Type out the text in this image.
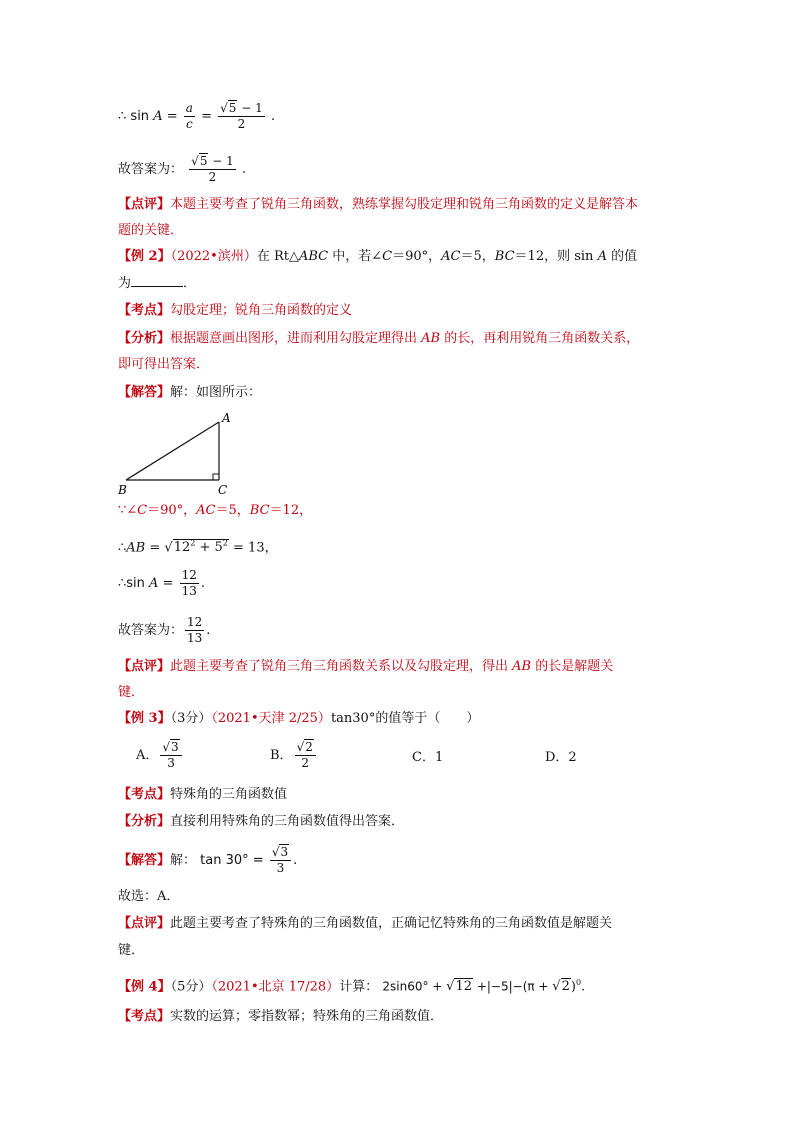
∴ $\sin A = \frac{a}{c} = \frac{√5 - 1}{2}$ .
故答案为： $\frac{√5 - 1}{2}$ .
【点评】本题主要考查了锐角三角函数，熟练掌握勾股定理和锐角三角函数的定义是解答本
题的关键．
【例 2】（2022•滨州）在 Rt△ABC 中，若∠C＝90°，AC＝5，BC＝12，则 sin A 的值
为	．
【考点】勾股定理；锐角三角函数的定义
【分析】根据题意画出图形，进而利用勾股定理得出 AB 的长，再利用锐角三角函数关系，
即可得出答案．
【解答】解：如图所示：
A
B	C
∵∠C＝90°，AC＝5，BC＝12，
∴AB = $√12^2 + 5^2 = 13$，
∴sin $A = \frac{12}{13}$ .
故答案为： $\frac{12}{13}$ .
【点评】此题主要考查了锐角三角三角函数关系以及勾股定理，得出 AB 的长是解题关
键．
【例 3】（3分）（2021•天津 2/25）tan30°的值等于（　　）
A． $\frac{√3}{3}$	B． $\frac{√2}{2}$	C．1	D．2
【考点】特殊角的三角函数值
【分析】直接利用特殊角的三角函数值得出答案．
【解答】解： $\tan 30^\circ = \frac{√3}{3}$ .
故选：A．
【点评】此题主要考查了特殊角的三角函数值，正确记忆特殊角的三角函数值是解题关
键．
【例 4】（5分）（2021•北京 17/28）计算： $2\sin 60^\circ + √12 +|-5|-(\pi + √2)^0$.
【考点】实数的运算；零指数幂；特殊角的三角函数值．
